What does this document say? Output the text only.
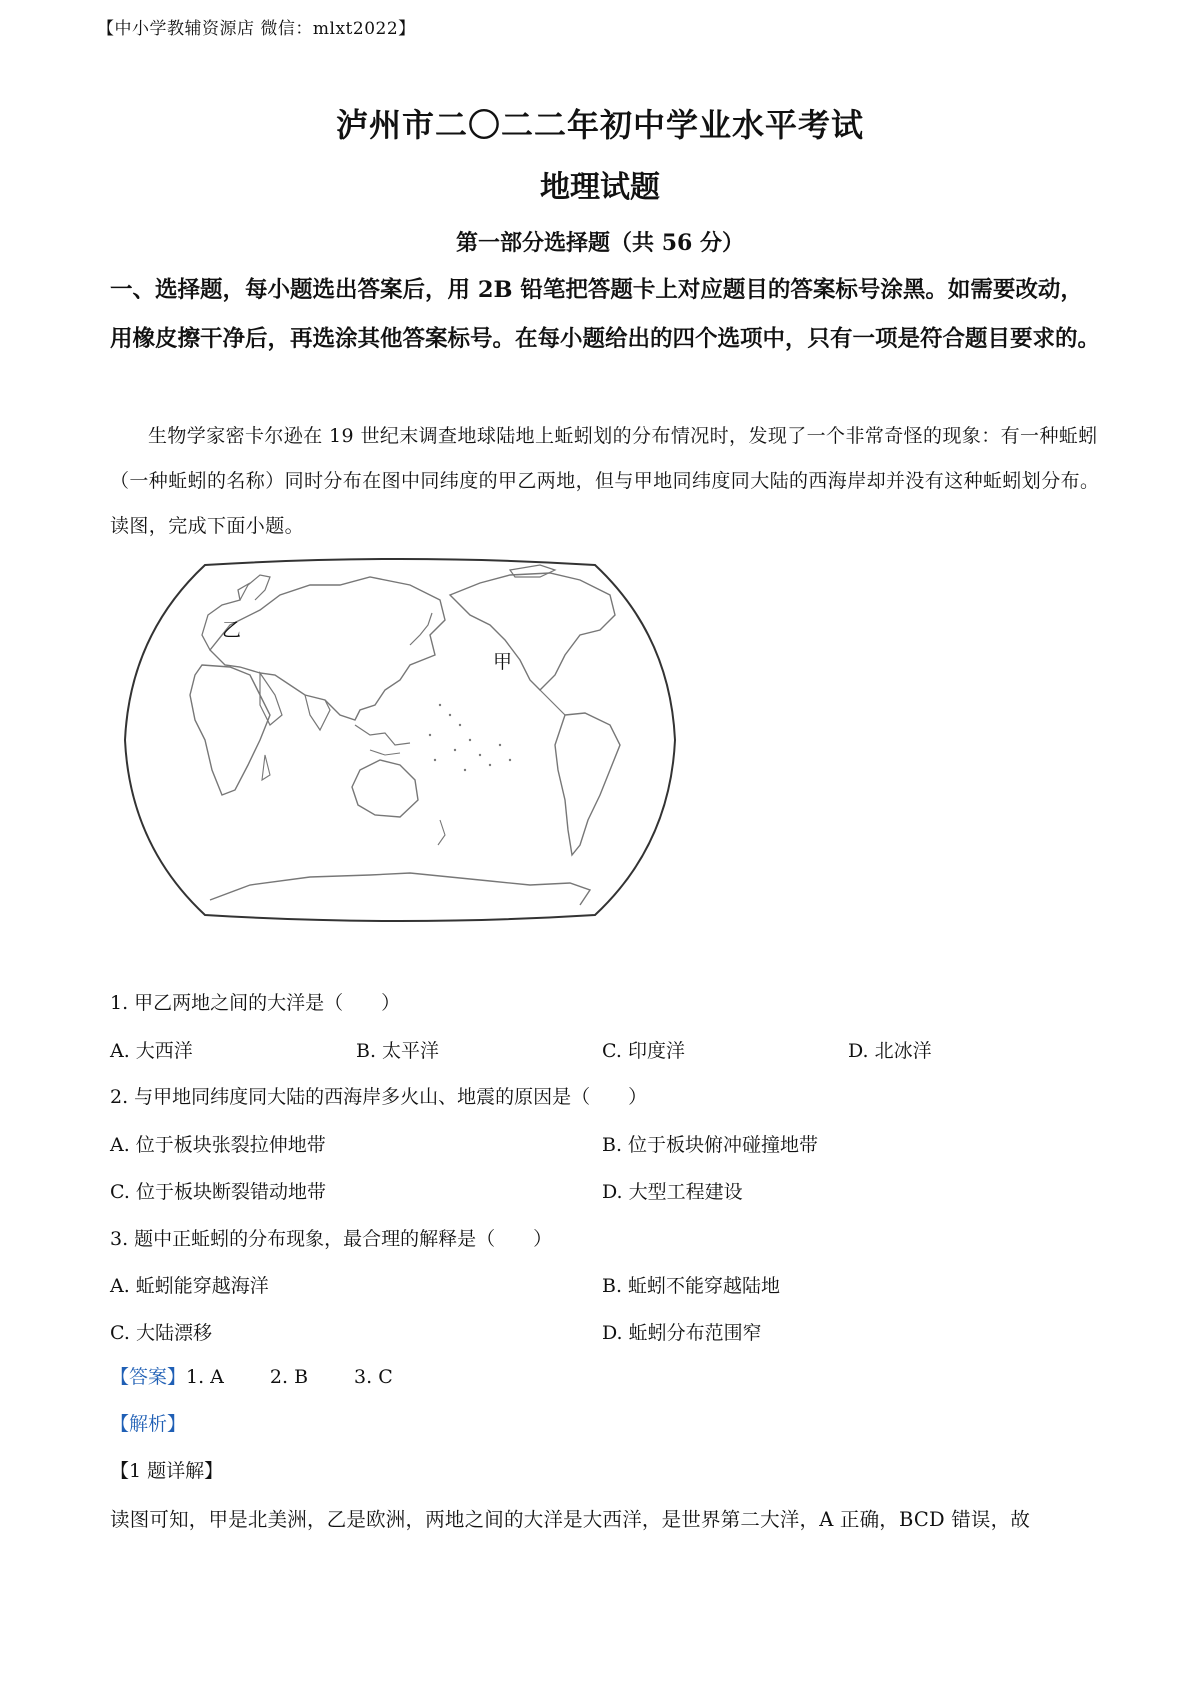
【中小学教辅资源店 微信：mlxt2022】
泸州市二〇二二年初中学业水平考试
地理试题
第一部分选择题（共 56 分）
一、选择题，每小题选出答案后，用 2B 铅笔把答题卡上对应题目的答案标号涂黑。如需要改动，用橡皮擦干净后，再选涂其他答案标号。在每小题给出的四个选项中，只有一项是符合题目要求的。
生物学家密卡尔逊在 19 世纪末调查地球陆地上蚯蚓划的分布情况时，发现了一个非常奇怪的现象：有一种蚯蚓（一种蚯蚓的名称）同时分布在图中同纬度的甲乙两地，但与甲地同纬度同大陆的西海岸却并没有这种蚯蚓划分布。读图，完成下面小题。
乙
甲
1. 甲乙两地之间的大洋是（　　）
A. 大西洋	B. 太平洋	C. 印度洋	D. 北冰洋
2. 与甲地同纬度同大陆的西海岸多火山、地震的原因是（　　）
A. 位于板块张裂拉伸地带	B. 位于板块俯冲碰撞地带
C. 位于板块断裂错动地带	D. 大型工程建设
3. 题中正蚯蚓的分布现象，最合理的解释是（　　）
A. 蚯蚓能穿越海洋	B. 蚯蚓不能穿越陆地
C. 大陆漂移	D. 蚯蚓分布范围窄
【答案】1. A 2. B 3. C
【解析】
【1 题详解】
读图可知，甲是北美洲，乙是欧洲，两地之间的大洋是大西洋，是世界第二大洋，A 正确，BCD 错误，故
